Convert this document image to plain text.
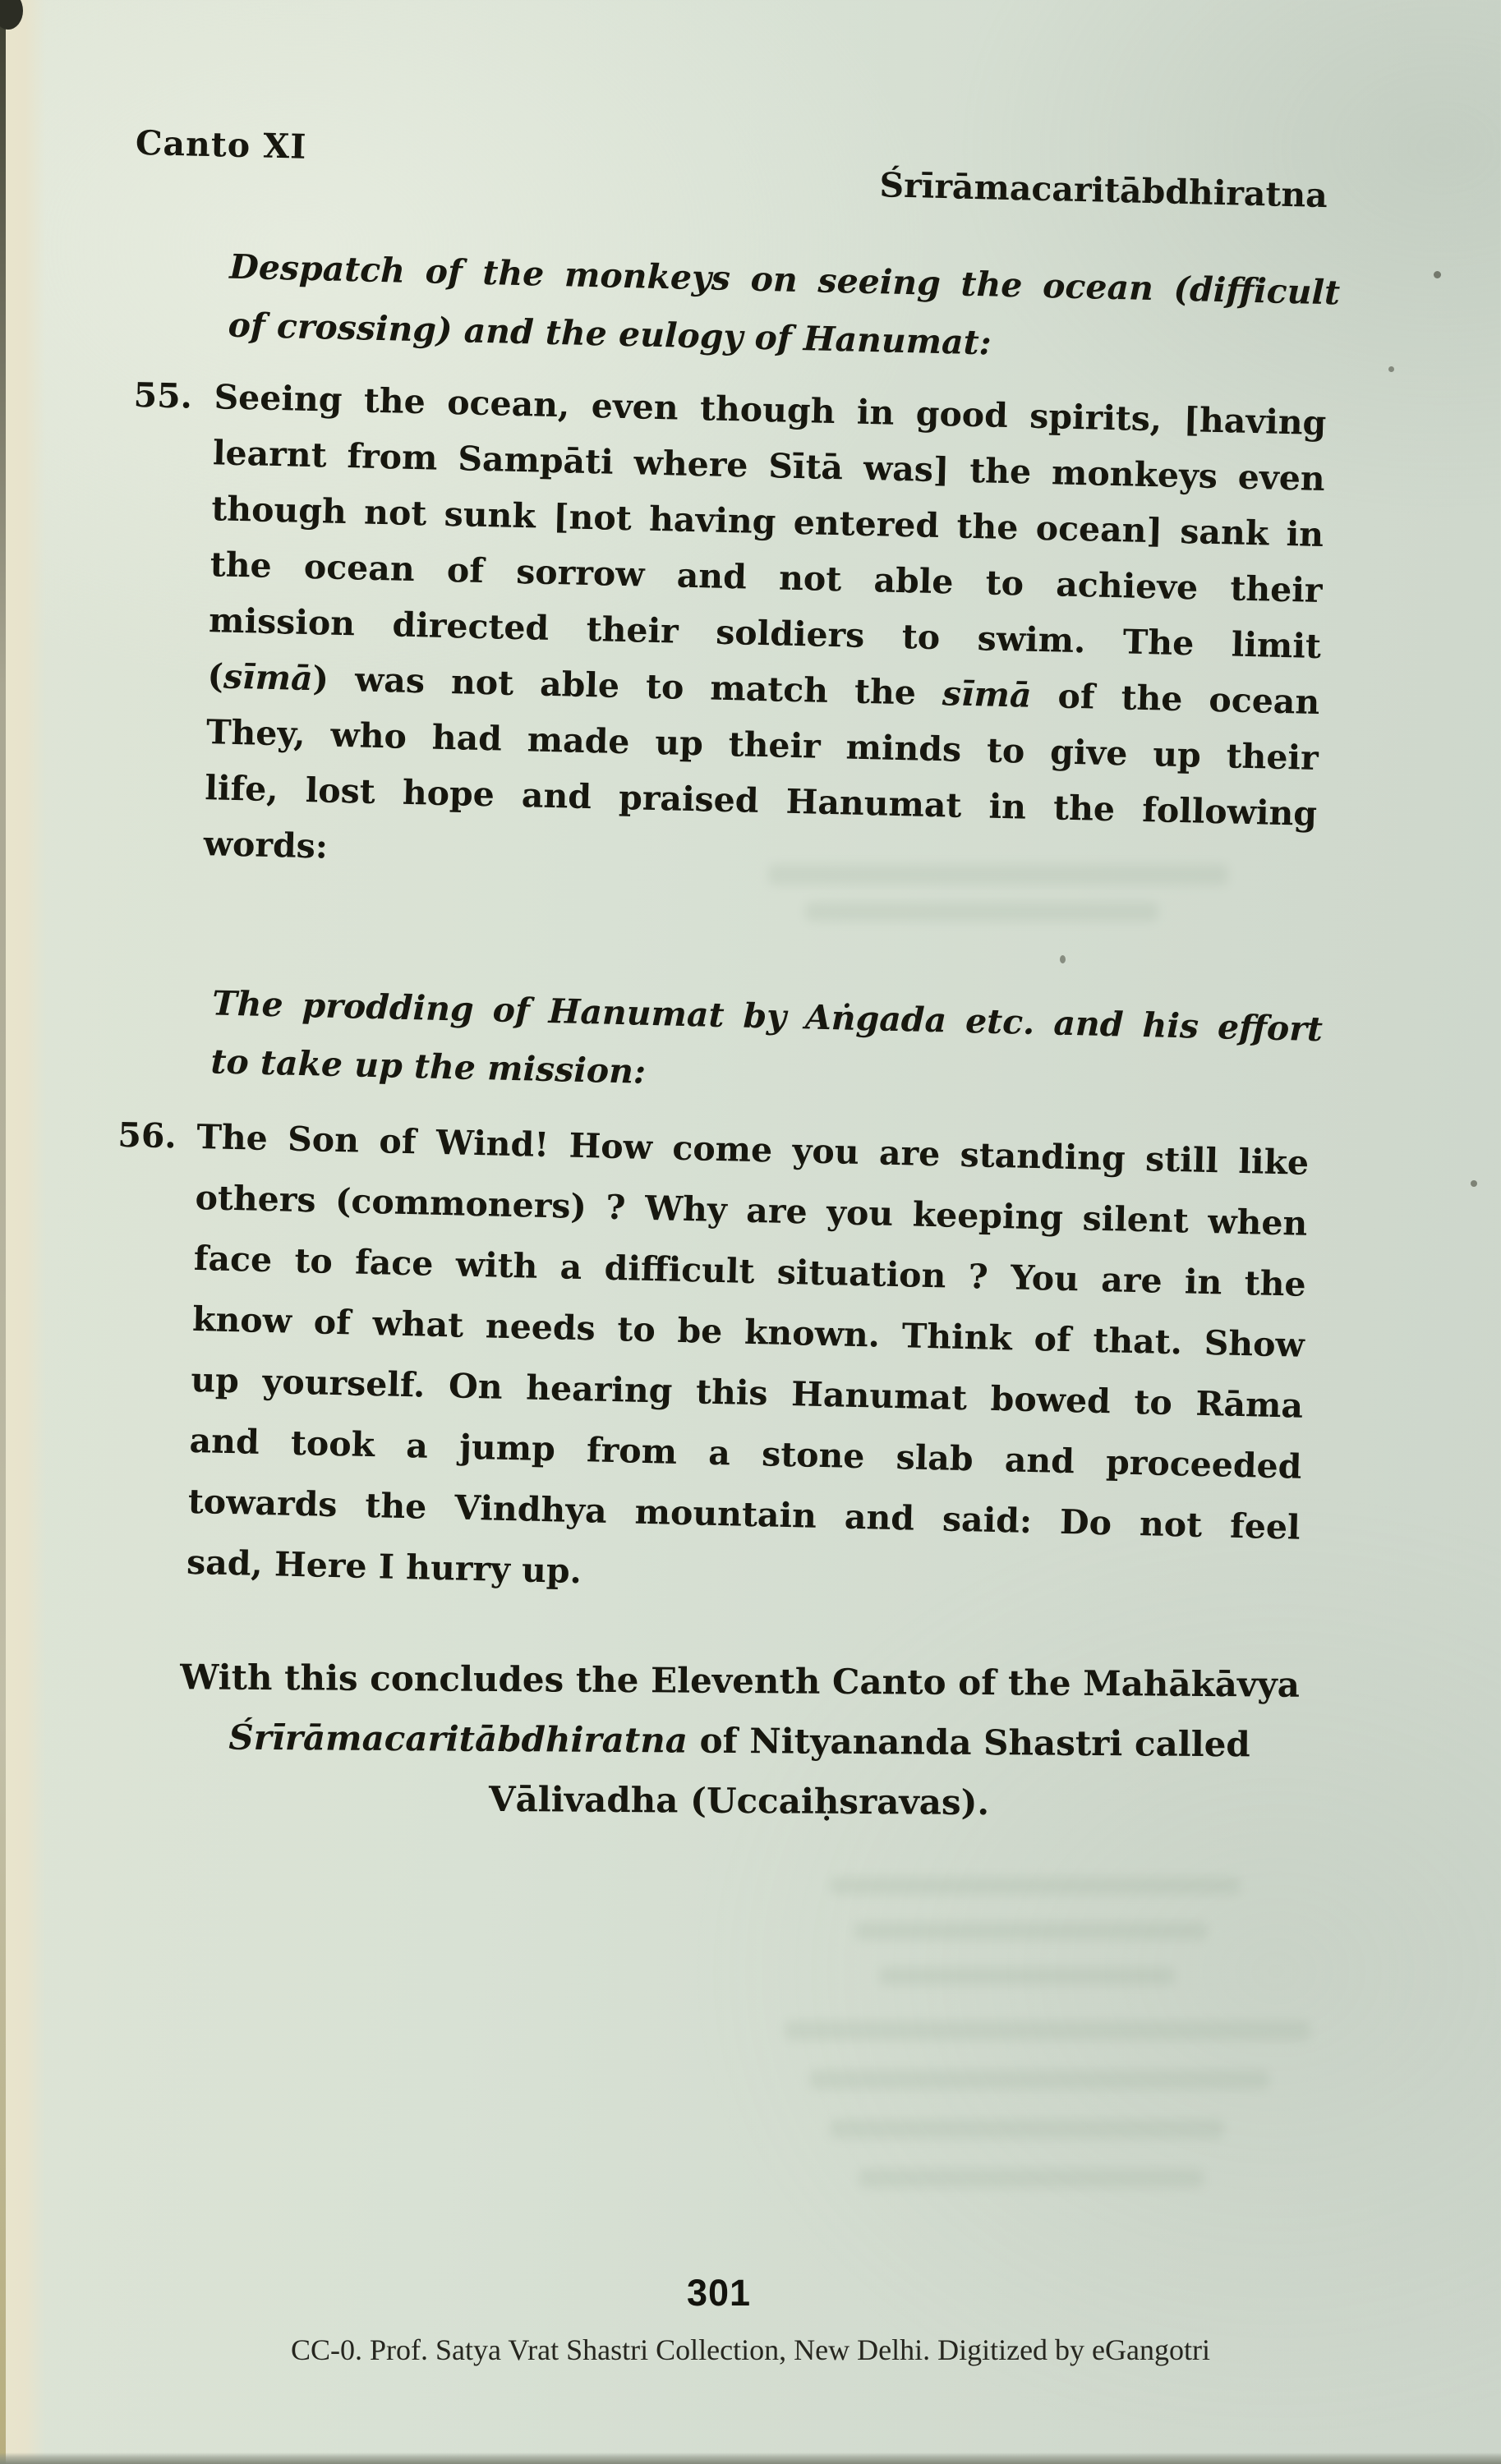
Canto XI
Śrīrāmacaritābdhiratna
Despatch of the monkeys on seeing the ocean (difficult
of crossing) and the eulogy of Hanumat:
55. Seeing the ocean, even though in good spirits, [having
learnt from Sampāti where Sītā was] the monkeys even
though not sunk [not having entered the ocean] sank in
the ocean of sorrow and not able to achieve their
mission directed their soldiers to swim. The limit
(sīmā) was not able to match the sīmā of the ocean
They, who had made up their minds to give up their
life, lost hope and praised Hanumat in the following
words:
The prodding of Hanumat by Aṅgada etc. and his effort
to take up the mission:
56. The Son of Wind! How come you are standing still like
others (commoners) ? Why are you keeping silent when
face to face with a difficult situation ? You are in the
know of what needs to be known. Think of that. Show
up yourself. On hearing this Hanumat bowed to Rāma
and took a jump from a stone slab and proceeded
towards the Vindhya mountain and said: Do not feel
sad, Here I hurry up.
With this concludes the Eleventh Canto of the Mahākāvya
Śrīrāmacaritābdhiratna of Nityananda Shastri called
Vālivadha (Uccaiḥsravas).
301
CC-0. Prof. Satya Vrat Shastri Collection, New Delhi. Digitized by eGangotri
